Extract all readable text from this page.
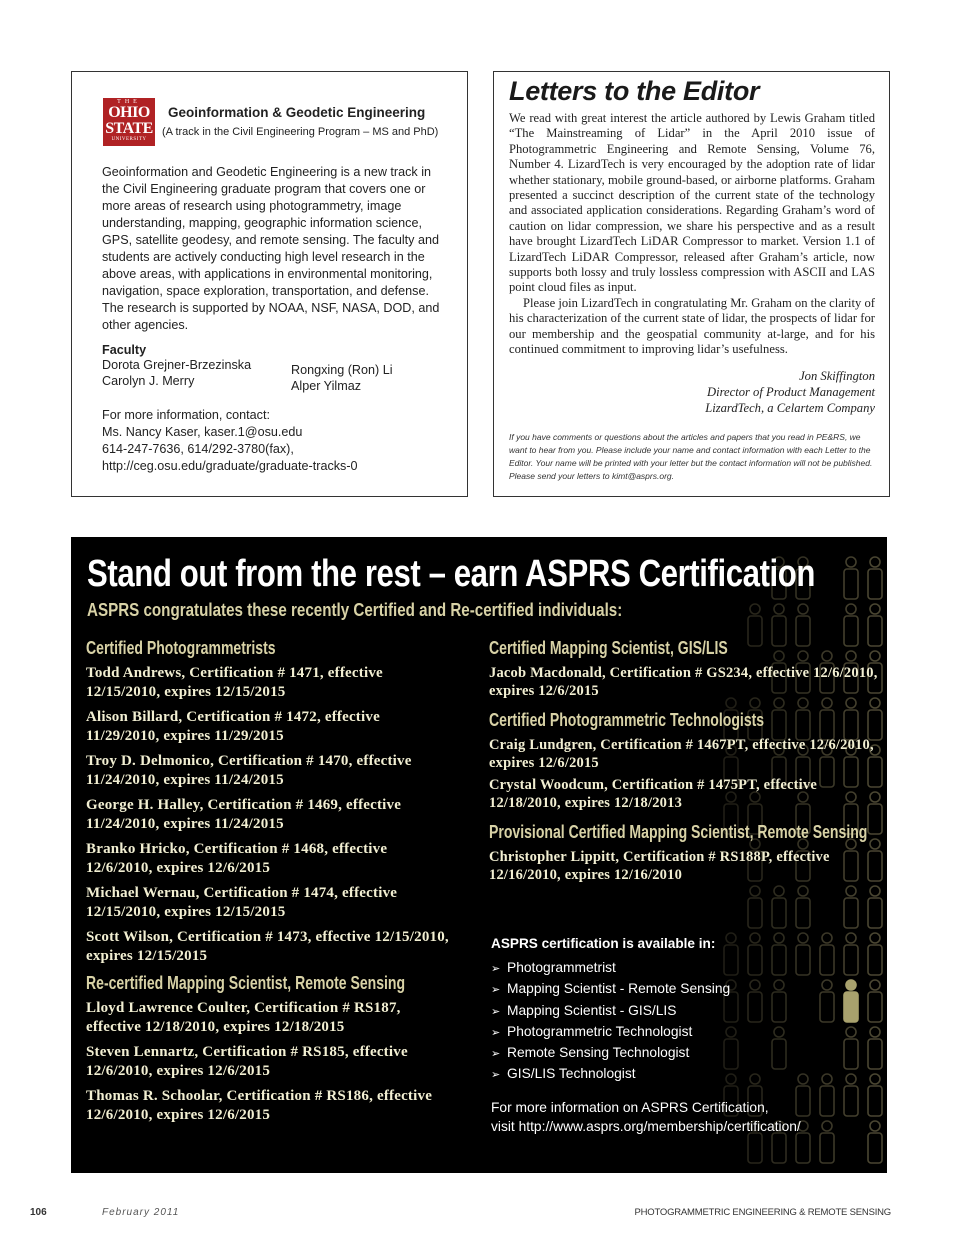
THE
OHIO
STATE
UNIVERSITY
Geoinformation & Geodetic Engineering
(A track in the Civil Engineering Program – MS and PhD)
Geoinformation and Geodetic Engineering is a new track in the Civil Engineering graduate program that covers one or more areas of research using photogrammetry, image understanding, mapping, geographic information science, GPS, satellite geodesy, and remote sensing. The faculty and students are actively conducting high level research in the above areas, with applications in environmental monitoring, navigation, space exploration, transportation, and defense. The research is supported by NOAA, NSF, NASA, DOD, and other agencies.
Faculty
Dorota Grejner-Brzezinska
Carolyn J. Merry
Rongxing (Ron) Li
Alper Yilmaz
For more information, contact:
Ms. Nancy Kaser, kaser.1@osu.edu
614-247-7636, 614/292-3780(fax),
http://ceg.osu.edu/graduate/graduate-tracks-0
Letters to the Editor

We read with great interest the article authored by Lewis Graham titled “The Mainstreaming of Lidar” in the April 2010 issue of Photogrammetric Engineering and Remote Sensing, Volume 76, Number 4. LizardTech is very encouraged by the adoption rate of lidar whether stationary, mobile ground-based, or airborne platforms. Graham presented a succinct description of the current state of the technology and associated application considerations. Regarding Graham’s word of caution on lidar compression, we share his perspective and as a result have brought LizardTech LiDAR Compressor to market. Version 1.1 of LizardTech LiDAR Compressor, released after Graham’s article, now supports both lossy and truly lossless compression with ASCII and LAS point cloud files as input.

Please join LizardTech in congratulating Mr. Graham on the clarity of his characterization of the current state of lidar, the prospects of lidar for our membership and the geospatial community at-large, and for his continued commitment to improving lidar’s usefulness.

Jon Skiffington
Director of Product Management
LizardTech, a Celartem Company
If you have comments or questions about the articles and papers that you read in PE&RS, we want to hear from you. Please include your name and contact information with each Letter to the Editor. Your name will be printed with your letter but the contact information will not be published. Please send your letters to kimt@asprs.org.
Stand out from the rest – earn ASPRS Certification
ASPRS congratulates these recently Certified and Re-certified individuals:
Certified Photogrammetrists
Todd Andrews, Certification # 1471, effective 12/15/2010, expires 12/15/2015
Alison Billard, Certification # 1472, effective 11/29/2010, expires 11/29/2015
Troy D. Delmonico, Certification # 1470, effective 11/24/2010, expires 11/24/2015
George H. Halley, Certification # 1469, effective 11/24/2010, expires 11/24/2015
Branko Hricko, Certification # 1468, effective 12/6/2010, expires 12/6/2015
Michael Wernau, Certification # 1474, effective 12/15/2010, expires 12/15/2015
Scott Wilson, Certification # 1473, effective 12/15/2010, expires 12/15/2015
Re-certified Mapping Scientist, Remote Sensing
Lloyd Lawrence Coulter, Certification # RS187, effective 12/18/2010, expires 12/18/2015
Steven Lennartz, Certification # RS185, effective 12/6/2010, expires 12/6/2015
Thomas R. Schoolar, Certification # RS186, effective 12/6/2010, expires 12/6/2015
Certified Mapping Scientist, GIS/LIS
Jacob Macdonald, Certification # GS234, effective 12/6/2010, expires 12/6/2015
Certified Photogrammetric Technologists
Craig Lundgren, Certification # 1467PT, effective 12/6/2010, expires 12/6/2015
Crystal Woodcum, Certification # 1475PT, effective 12/18/2010, expires 12/18/2013
Provisional Certified Mapping Scientist, Remote Sensing
Christopher Lippitt, Certification # RS188P, effective 12/16/2010, expires 12/16/2010
ASPRS certification is available in:
➢ Photogrammetrist
➢ Mapping Scientist - Remote Sensing
➢ Mapping Scientist - GIS/LIS
➢ Photogrammetric Technologist
➢ Remote Sensing Technologist
➢ GIS/LIS Technologist
For more information on ASPRS Certification,
visit http://www.asprs.org/membership/certification/
106	February 2011	PHOTOGRAMMETRIC ENGINEERING & REMOTE SENSING
